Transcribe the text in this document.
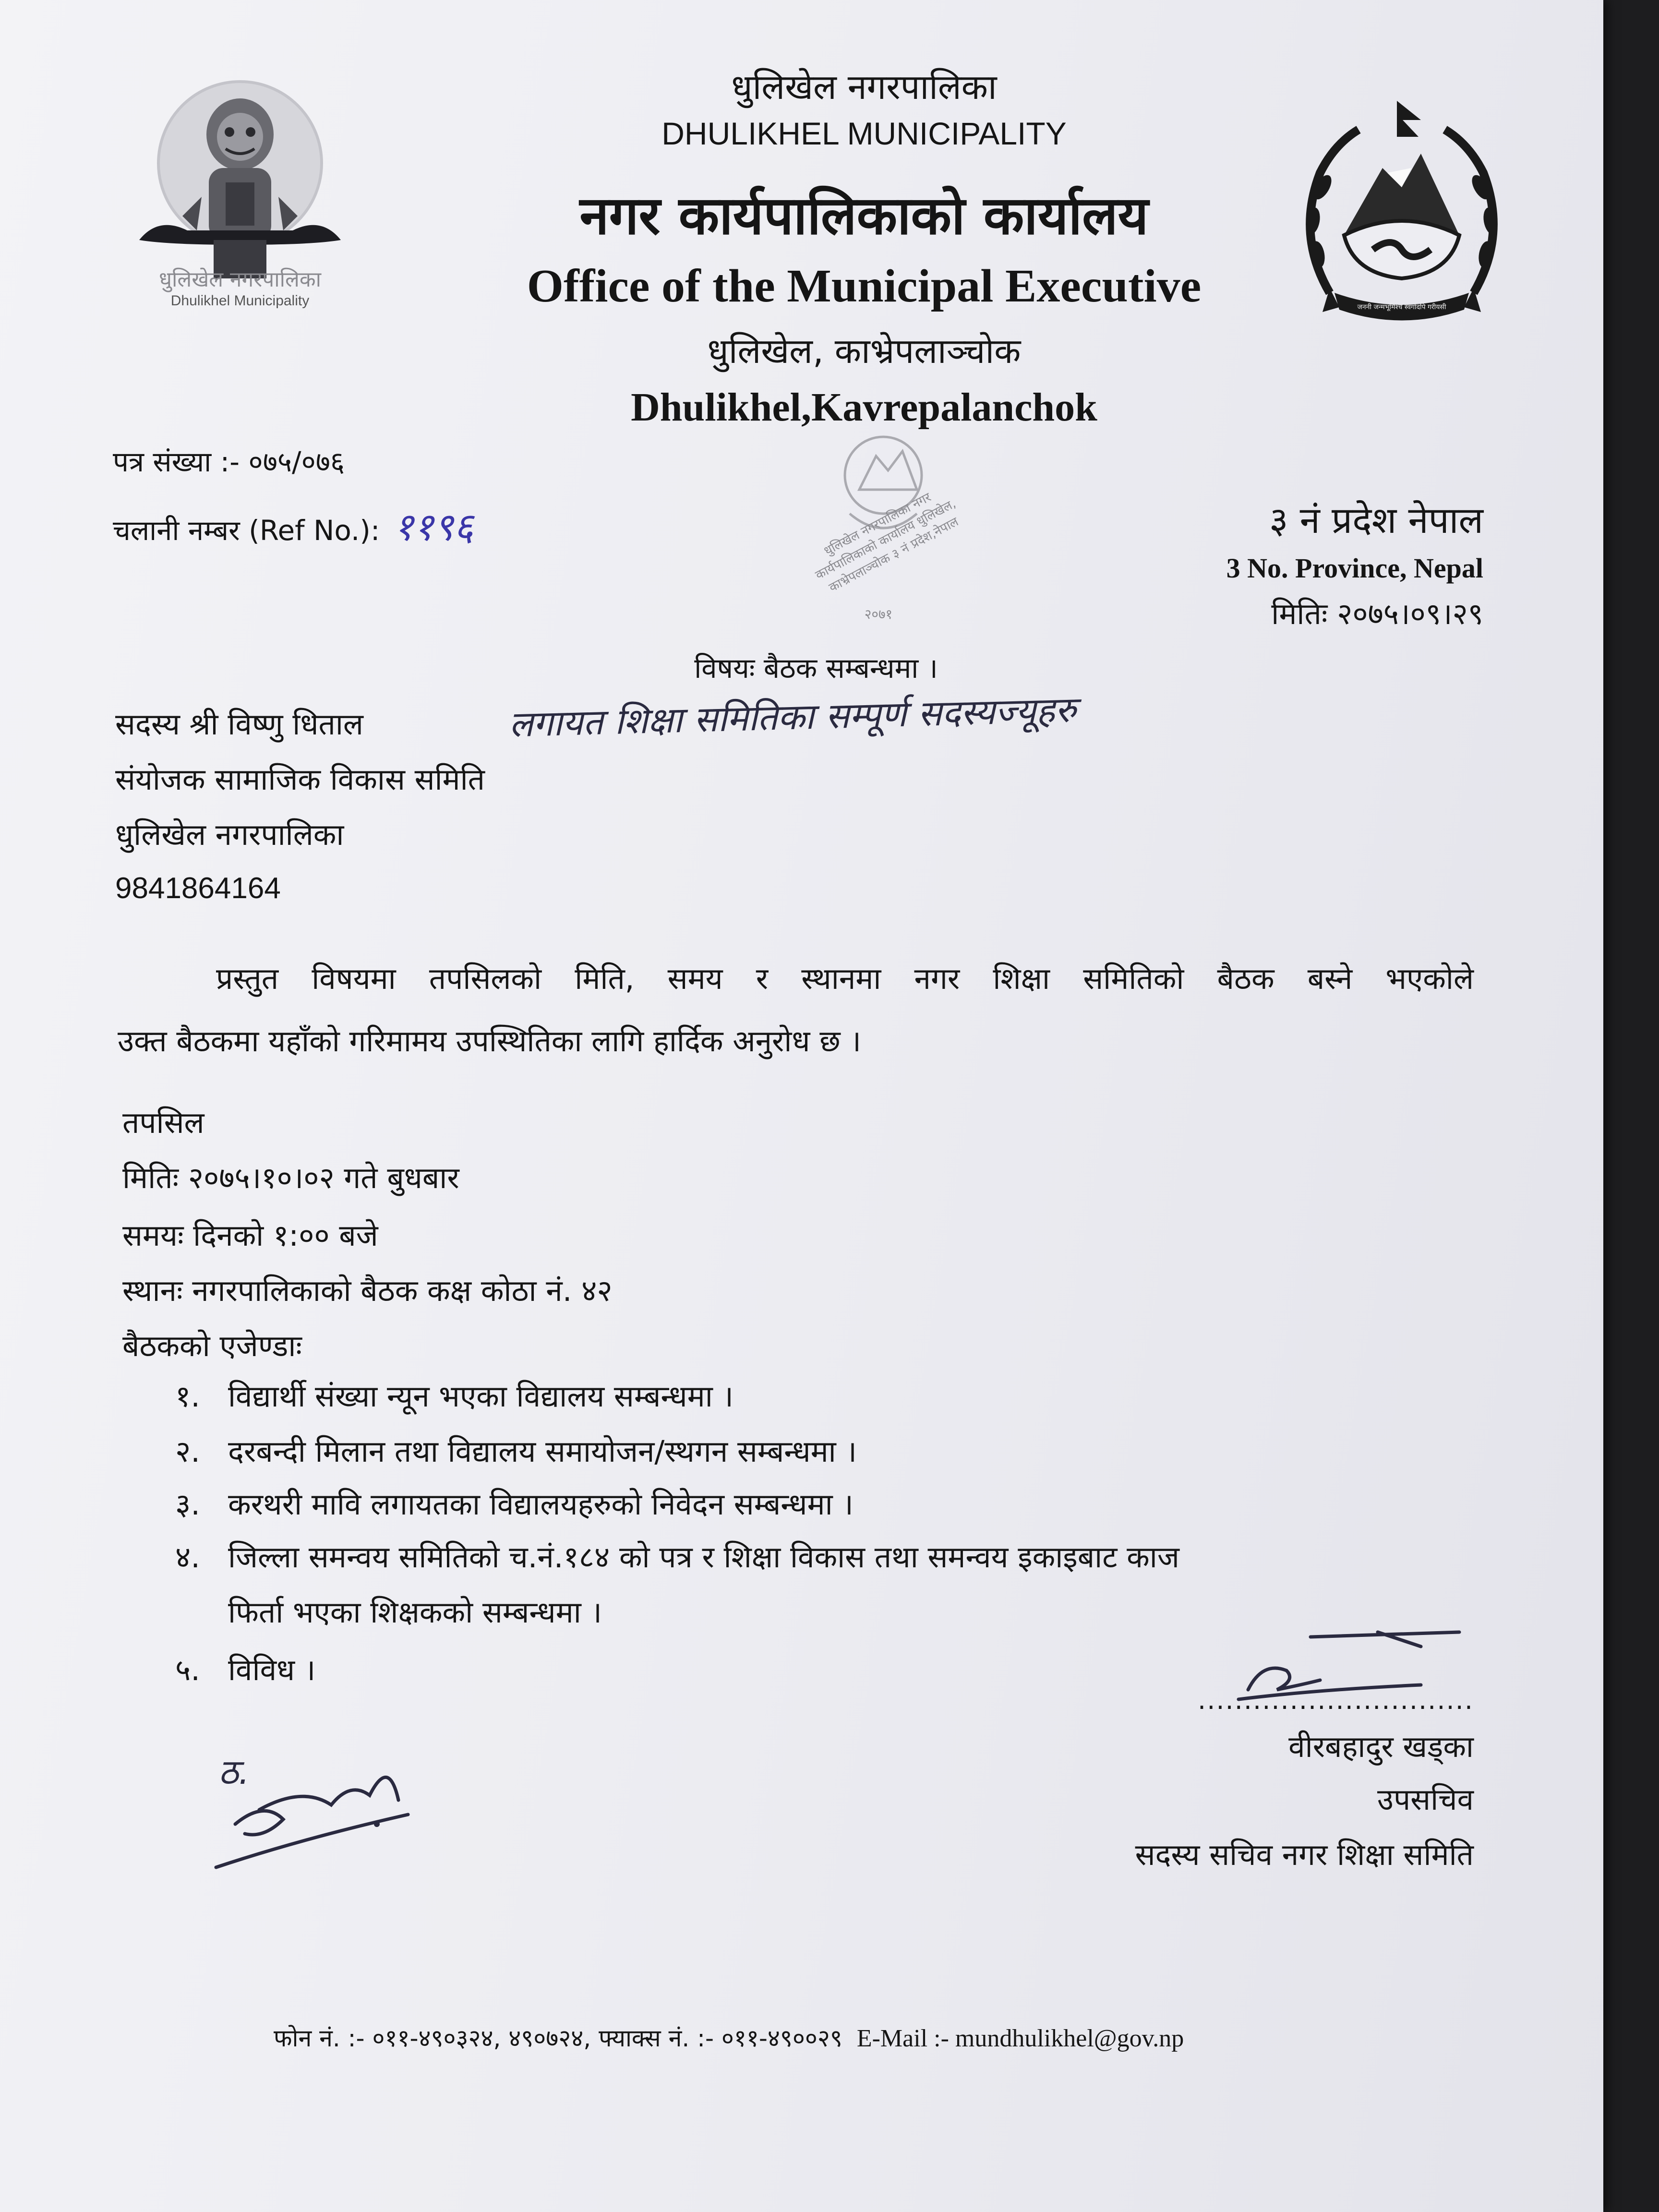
धुलिखेल नगरपालिका
Dhulikhel Municipality	जननी जन्मभूमिश्च स्वर्गादपि गरीयसी
धुलिखेल नगरपालिका
DHULIKHEL MUNICIPALITY
नगर कार्यपालिकाको कार्यालय
Office of the Municipal Executive
धुलिखेल, काभ्रेपलाञ्चोक
Dhulikhel,Kavrepalanchok
पत्र संख्या :- ०७५/०७६
चलानी नम्बर (Ref No.): ११९६	धुलिखेल नगरपालिका नगर कार्यपालिकाको कार्यालय धुलिखेल, काभ्रेपलाञ्चोक ३ नं प्रदेश,नेपाल
२०७१
३ नं प्रदेश नेपाल
3 No. Province, Nepal
मितिः २०७५।०९।२९
विषयः बैठक सम्बन्धमा ।
सदस्य श्री विष्णु धिताल	लगायत शिक्षा समितिका सम्पूर्ण सदस्यज्यूहरु
संयोजक सामाजिक विकास समिति
धुलिखेल नगरपालिका
9841864164
प्रस्तुत विषयमा तपसिलको मिति, समय र स्थानमा नगर शिक्षा समितिको बैठक बस्ने भएकोले
उक्त बैठकमा यहाँको गरिमामय उपस्थितिका लागि हार्दिक अनुरोध छ ।
तपसिल
मितिः २०७५।१०।०२ गते बुधबार
समयः दिनको १:०० बजे
स्थानः नगरपालिकाको बैठक कक्ष कोठा नं. ४२
बैठकको एजेण्डाः
१. विद्यार्थी संख्या न्यून भएका विद्यालय सम्बन्धमा ।
२. दरबन्दी मिलान तथा विद्यालय समायोजन/स्थगन सम्बन्धमा ।
३. करथरी मावि लगायतका विद्यालयहरुको निवेदन सम्बन्धमा ।
४. जिल्ला समन्वय समितिको च.नं.१८४ को पत्र र शिक्षा विकास तथा समन्वय इकाइबाट काज
फिर्ता भएका शिक्षकको सम्बन्धमा ।
५. विविध ।
..............................
वीरबहादुर खड्का
उपसचिव
सदस्य सचिव नगर शिक्षा समिति
ठ.
फोन नं. :- ०११-४९०३२४, ४९०७२४, फ्याक्स नं. :- ०११-४९००२९ E-Mail :- mundhulikhel@gov.np
